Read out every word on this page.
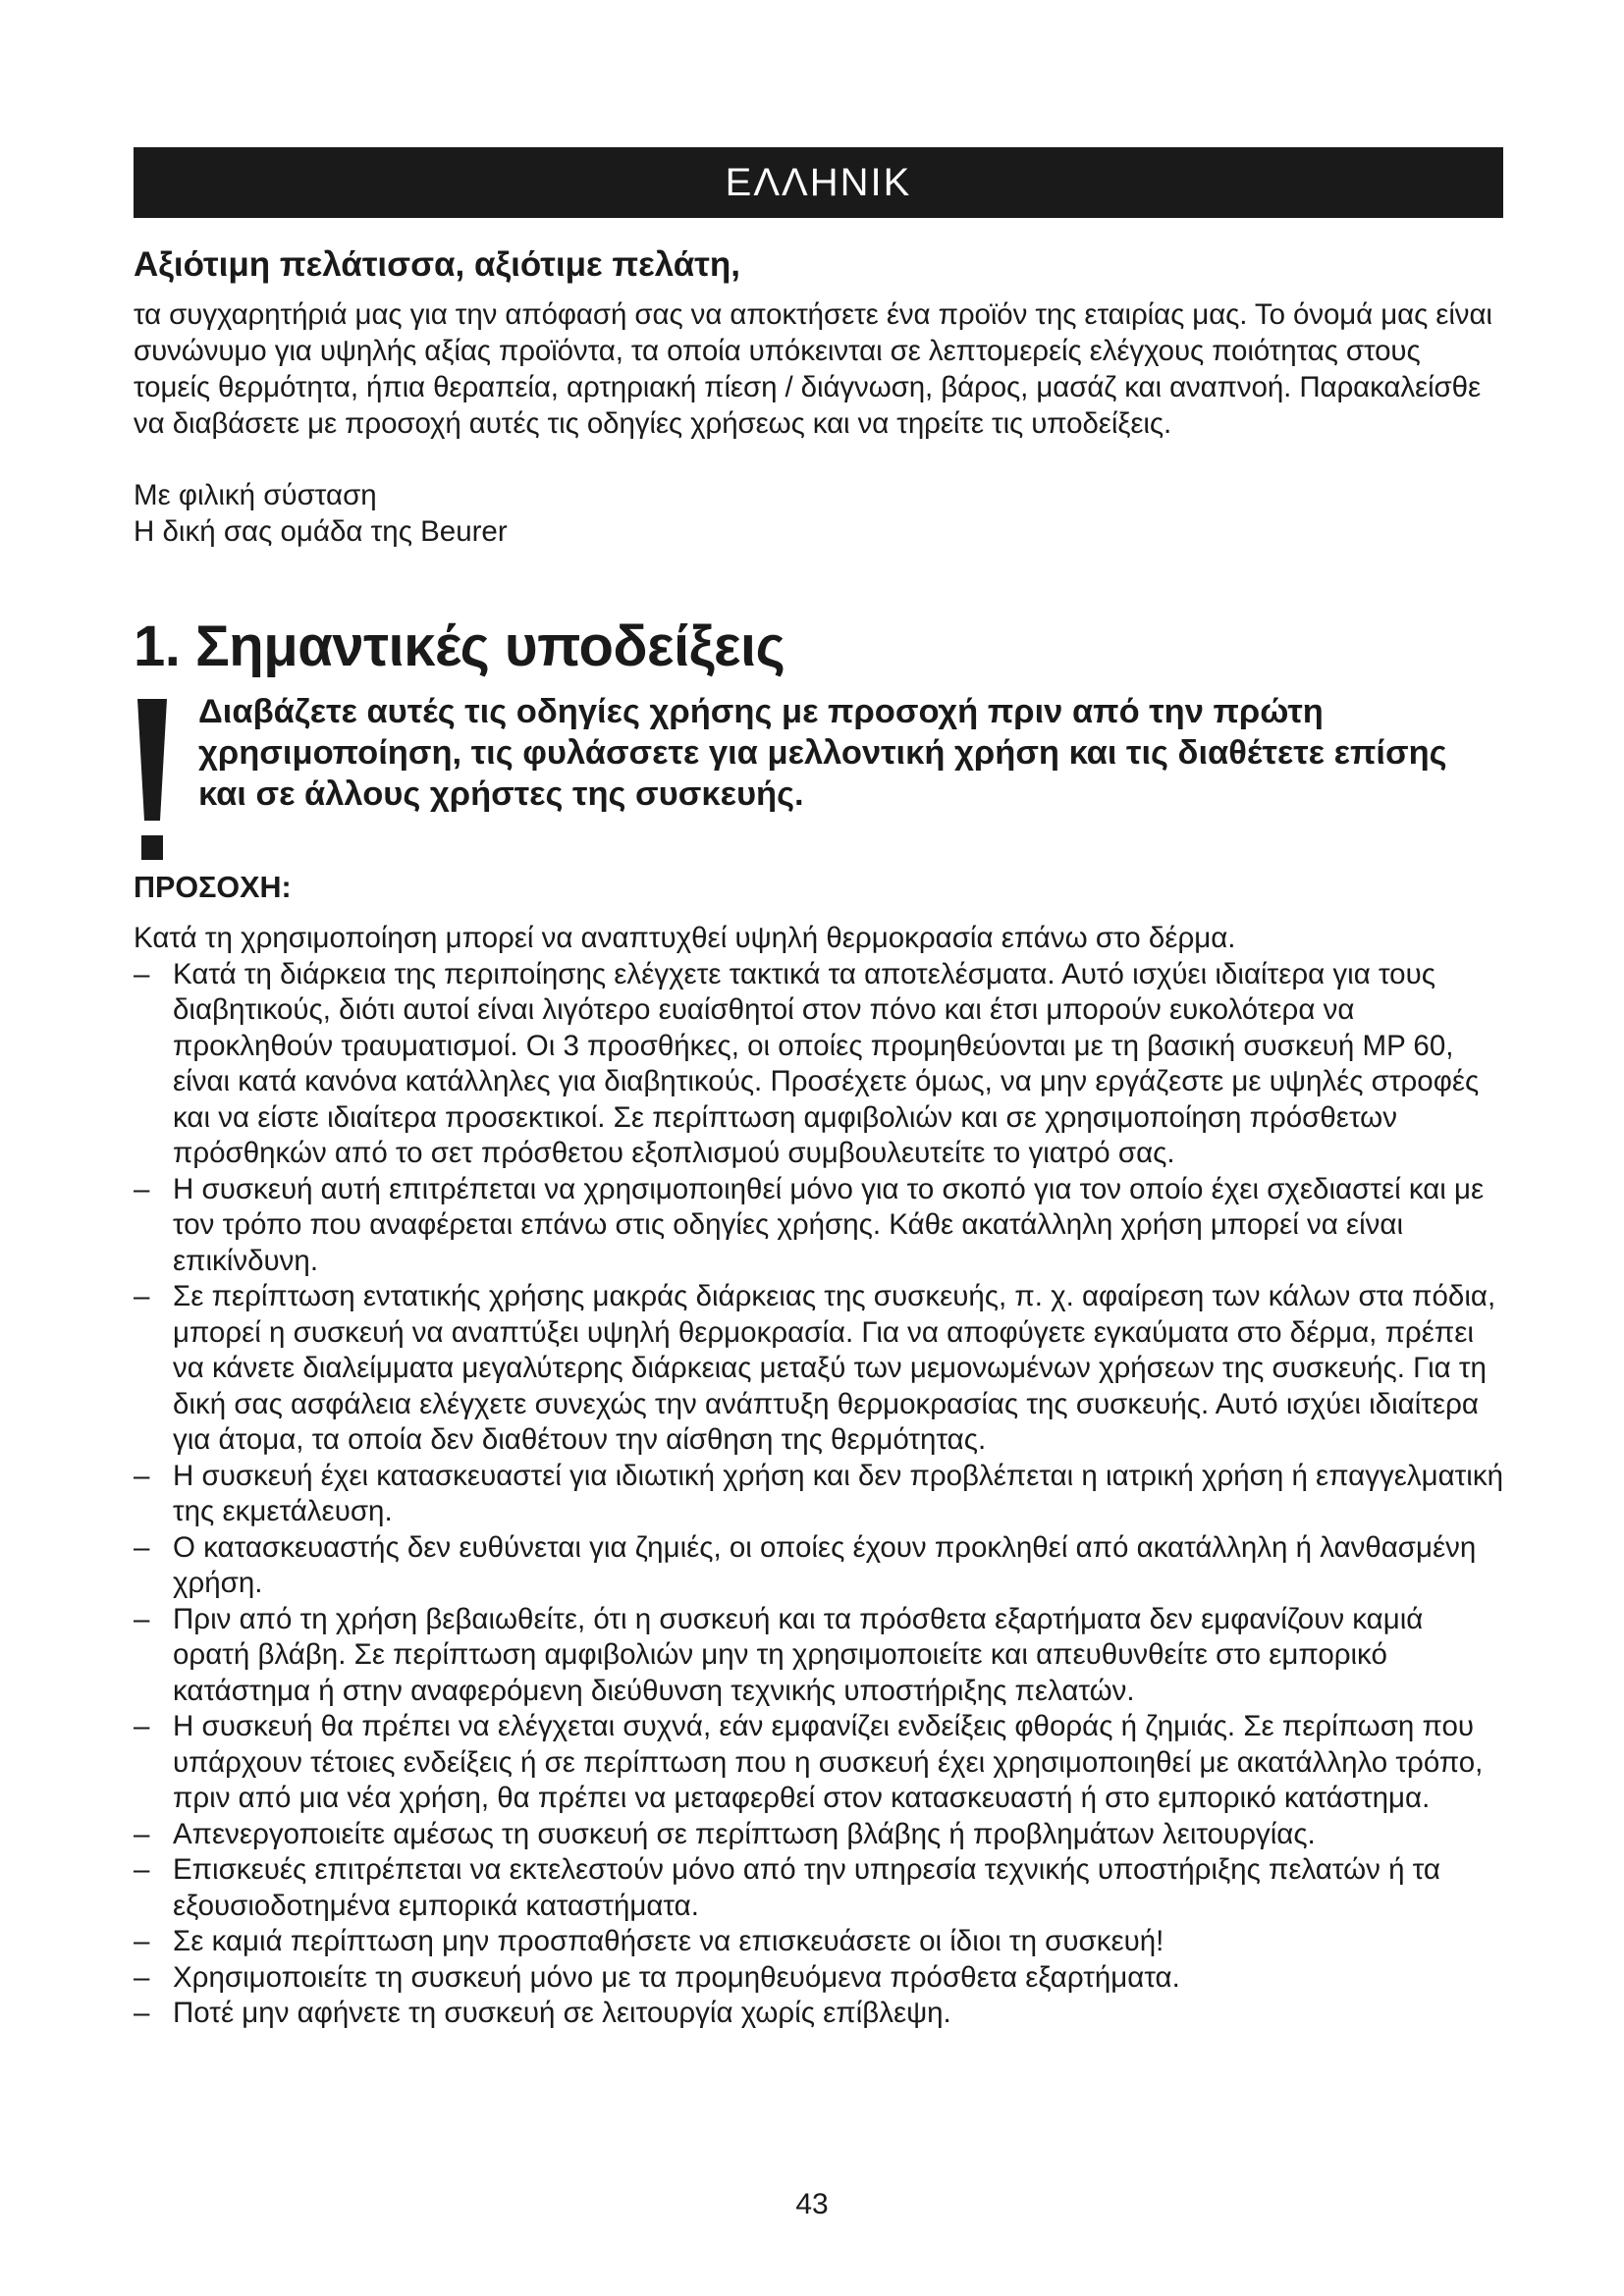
ΕΛΛΗΝΙΚ
Αξιότιμη πελάτισσα, αξιότιμε πελάτη,
τα συγχαρητήριά μας για την απόφασή σας να αποκτήσετε ένα προϊόν της εταιρίας μας. Το όνομά μας είναι συνώνυμο για υψηλής αξίας προϊόντα, τα οποία υπόκεινται σε λεπτομερείς ελέγχους ποιότητας στους τομείς θερμότητα, ήπια θεραπεία, αρτηριακή πίεση / διάγνωση, βάρος, μασάζ και αναπνοή. Παρακαλείσθε να διαβάσετε με προσοχή αυτές τις οδηγίες χρήσεως και να τηρείτε τις υποδείξεις.
Με φιλική σύσταση
Η δική σας ομάδα της Beurer
1. Σημαντικές υποδείξεις
Διαβάζετε αυτές τις οδηγίες χρήσης με προσοχή πριν από την πρώτη χρησιμοποίηση, τις φυλάσσετε για μελλοντική χρήση και τις διαθέτετε επίσης και σε άλλους χρήστες της συσκευής.
ΠΡΟΣΟΧΗ:
Κατά τη χρησιμοποίηση μπορεί να αναπτυχθεί υψηλή θερμοκρασία επάνω στο δέρμα.
– Κατά τη διάρκεια της περιποίησης ελέγχετε τακτικά τα αποτελέσματα. Αυτό ισχύει ιδιαίτερα για τους διαβητικούς, διότι αυτοί είναι λιγότερο ευαίσθητοί στον πόνο και έτσι μπορούν ευκολότερα να προκληθούν τραυματισμοί. Οι 3 προσθήκες, οι οποίες προμηθεύονται με τη βασική συσκευή MP 60, είναι κατά κανόνα κατάλληλες για διαβητικούς. Προσέχετε όμως, να μην εργάζεστε με υψηλές στροφές και να είστε ιδιαίτερα προσεκτικοί. Σε περίπτωση αμφιβολιών και σε χρησιμοποίηση πρόσθετων πρόσθηκών από το σετ πρόσθετου εξοπλισμού συμβουλευτείτε το γιατρό σας.
– Η συσκευή αυτή επιτρέπεται να χρησιμοποιηθεί μόνο για το σκοπό για τον οποίο έχει σχεδιαστεί και με τον τρόπο που αναφέρεται επάνω στις οδηγίες χρήσης. Κάθε ακατάλληλη χρήση μπορεί να είναι επικίνδυνη.
– Σε περίπτωση εντατικής χρήσης μακράς διάρκειας της συσκευής, π. χ. αφαίρεση των κάλων στα πόδια, μπορεί η συσκευή να αναπτύξει υψηλή θερμοκρασία. Για να αποφύγετε εγκαύματα στο δέρμα, πρέπει να κάνετε διαλείμματα μεγαλύτερης διάρκειας μεταξύ των μεμονωμένων χρήσεων της συσκευής. Για τη δική σας ασφάλεια ελέγχετε συνεχώς την ανάπτυξη θερμοκρασίας της συσκευής. Αυτό ισχύει ιδιαίτερα για άτομα, τα οποία δεν διαθέτουν την αίσθηση της θερμότητας.
– Η συσκευή έχει κατασκευαστεί για ιδιωτική χρήση και δεν προβλέπεται η ιατρική χρήση ή επαγγελματική της εκμετάλευση.
– Ο κατασκευαστής δεν ευθύνεται για ζημιές, οι οποίες έχουν προκληθεί από ακατάλληλη ή λανθασμένη χρήση.
– Πριν από τη χρήση βεβαιωθείτε, ότι η συσκευή και τα πρόσθετα εξαρτήματα δεν εμφανίζουν καμιά ορατή βλάβη. Σε περίπτωση αμφιβολιών μην τη χρησιμοποιείτε και απευθυνθείτε στο εμπορικό κατάστημα ή στην αναφερόμενη διεύθυνση τεχνικής υποστήριξης πελατών.
– Η συσκευή θα πρέπει να ελέγχεται συχνά, εάν εμφανίζει ενδείξεις φθοράς ή ζημιάς. Σε περίπωση που υπάρχουν τέτοιες ενδείξεις ή σε περίπτωση που η συσκευή έχει χρησιμοποιηθεί με ακατάλληλο τρόπο, πριν από μια νέα χρήση, θα πρέπει να μεταφερθεί στον κατασκευαστή ή στο εμπορικό κατάστημα.
– Απενεργοποιείτε αμέσως τη συσκευή σε περίπτωση βλάβης ή προβλημάτων λειτουργίας.
– Επισκευές επιτρέπεται να εκτελεστούν μόνο από την υπηρεσία τεχνικής υποστήριξης πελατών ή τα εξουσιοδοτημένα εμπορικά καταστήματα.
– Σε καμιά περίπτωση μην προσπαθήσετε να επισκευάσετε οι ίδιοι τη συσκευή!
– Χρησιμοποιείτε τη συσκευή μόνο με τα προμηθευόμενα πρόσθετα εξαρτήματα.
– Ποτέ μην αφήνετε τη συσκευή σε λειτουργία χωρίς επίβλεψη.
43
